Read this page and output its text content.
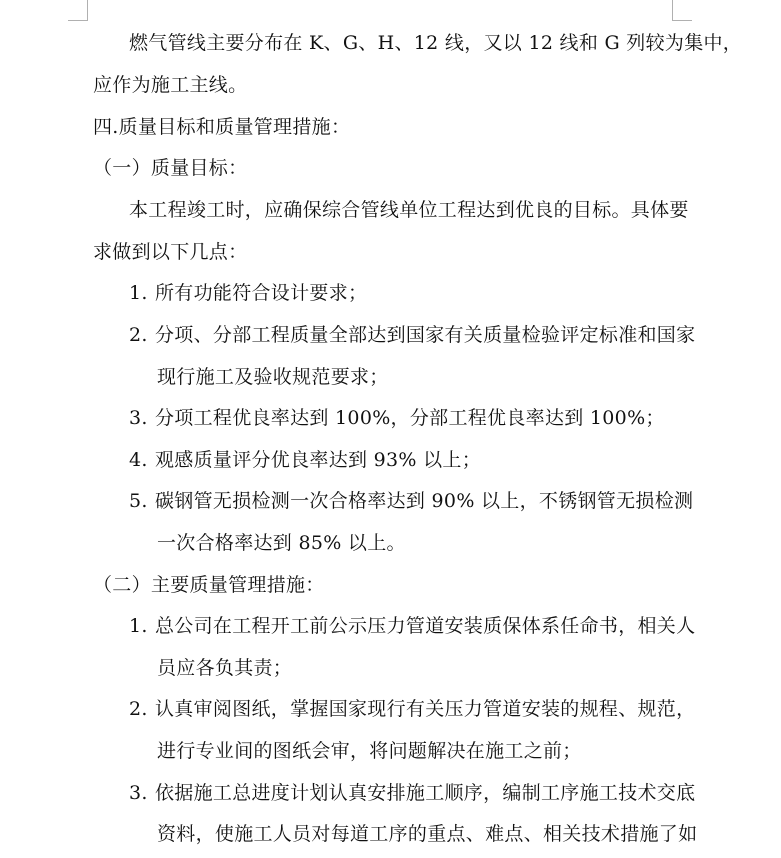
燃气管线主要分布在 K、G、H、12 线，又以 12 线和 G 列较为集中，
应作为施工主线。
四.质量目标和质量管理措施：
（一）质量目标：
本工程竣工时，应确保综合管线单位工程达到优良的目标。具体要
求做到以下几点：
1. 所有功能符合设计要求；
2. 分项、分部工程质量全部达到国家有关质量检验评定标准和国家
现行施工及验收规范要求；
3. 分项工程优良率达到 100%，分部工程优良率达到 100%；
4. 观感质量评分优良率达到 93% 以上；
5. 碳钢管无损检测一次合格率达到 90% 以上，不锈钢管无损检测
一次合格率达到 85% 以上。
（二）主要质量管理措施：
1. 总公司在工程开工前公示压力管道安装质保体系任命书，相关人
员应各负其责；
2. 认真审阅图纸，掌握国家现行有关压力管道安装的规程、规范，
进行专业间的图纸会审，将问题解决在施工之前；
3. 依据施工总进度计划认真安排施工顺序，编制工序施工技术交底
资料，使施工人员对每道工序的重点、难点、相关技术措施了如
